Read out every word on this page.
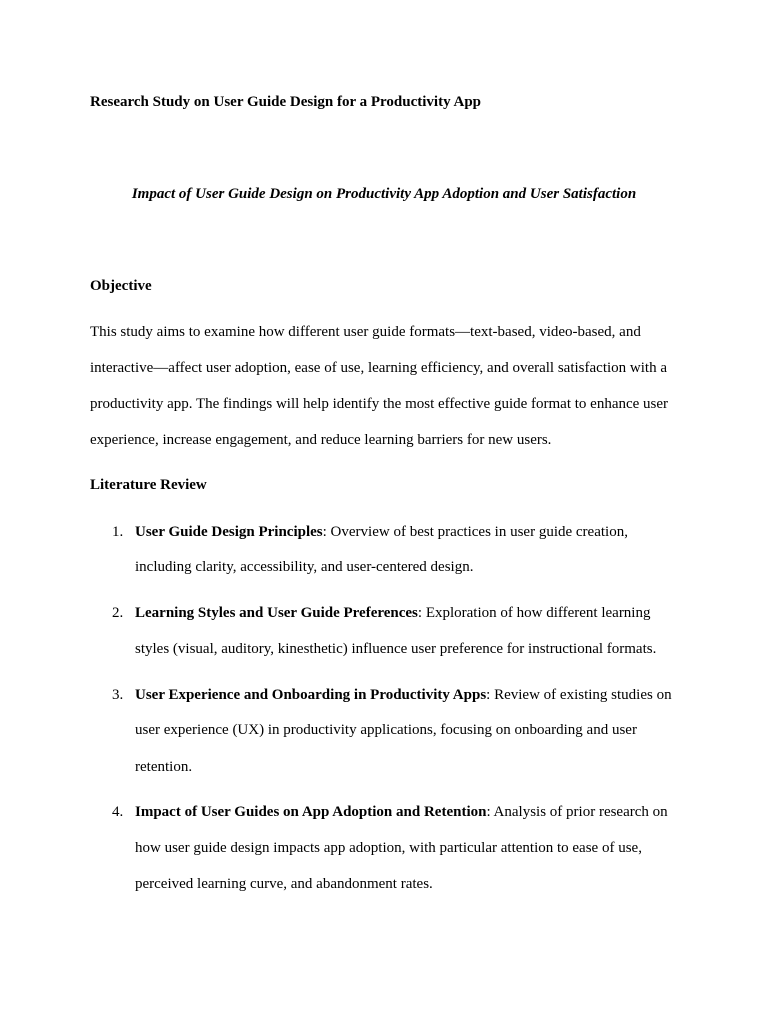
Research Study on User Guide Design for a Productivity App
Impact of User Guide Design on Productivity App Adoption and User Satisfaction
Objective
This study aims to examine how different user guide formats—text-based, video-based, and
interactive—affect user adoption, ease of use, learning efficiency, and overall satisfaction with a
productivity app. The findings will help identify the most effective guide format to enhance user
experience, increase engagement, and reduce learning barriers for new users.
Literature Review
1. User Guide Design Principles: Overview of best practices in user guide creation,
including clarity, accessibility, and user-centered design.
2. Learning Styles and User Guide Preferences: Exploration of how different learning
styles (visual, auditory, kinesthetic) influence user preference for instructional formats.
3. User Experience and Onboarding in Productivity Apps: Review of existing studies on
user experience (UX) in productivity applications, focusing on onboarding and user
retention.
4. Impact of User Guides on App Adoption and Retention: Analysis of prior research on
how user guide design impacts app adoption, with particular attention to ease of use,
perceived learning curve, and abandonment rates.
